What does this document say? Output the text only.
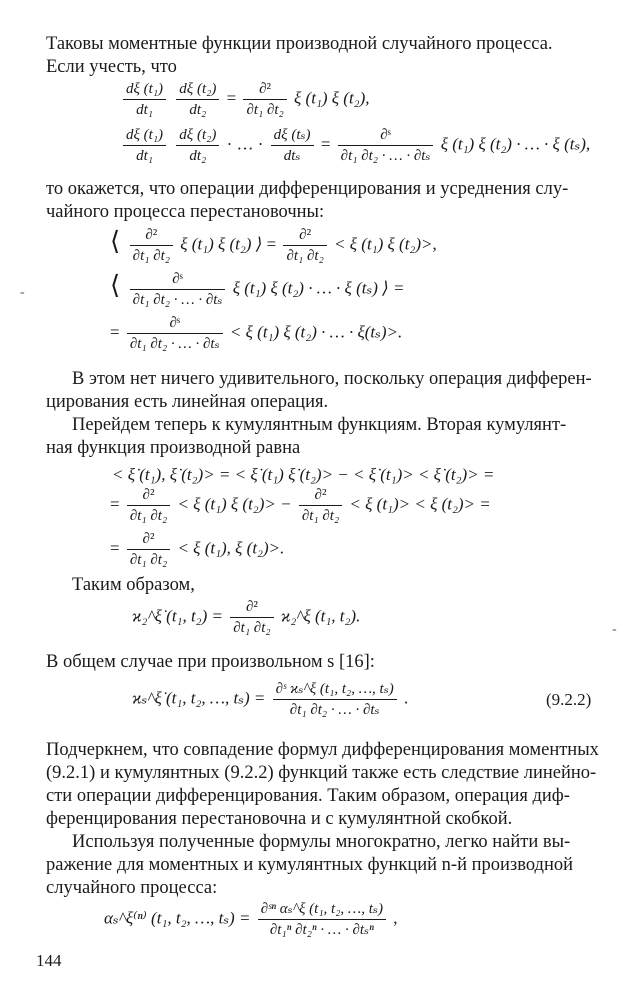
Таковы моментные функции производной случайного процесса.
Если учесть, что
$\frac{\text{dξ (t₁)}}{\text{dt₁}}$
$\frac{\text{dξ (t₂)}}{\text{dt₂}} = \frac{\text{∂²}}{\text{∂t₁ ∂t₂}}$ ξ (t₁) ξ (t₂),
$\frac{\text{dξ (t₁)}}{\text{dt₁}}$
$\frac{\text{dξ (t₂)}}{\text{dt₂}}$ · … · $\frac{\text{dξ (tₛ)}}{\text{dtₛ}} = \frac{\text{∂ˢ}}{\text{∂t₁ ∂t₂ · … · ∂tₛ}}$ ξ (t₁) ξ (t₂) · … · ξ (tₛ),
то окажется, что операции дифференцирования и усреднения слу-
чайного процесса перестановочны:
⟨ $\frac{\text{∂²}}{\text{∂t₁ ∂t₂}}$ ξ (t₁) ξ (t₂) ⟩ = $\frac{\text{∂²}}{\text{∂t₁ ∂t₂}} < \xi$ (t₁) ξ (t₂)>,
-	⟨ $\frac{\text{∂ˢ}}{\text{∂t₁ ∂t₂ · … · ∂tₛ}}$ ξ (t₁) ξ (t₂) · … · ξ (tₛ) ⟩ =
= $\frac{\text{∂ˢ}}{\text{∂t₁ ∂t₂ · … · ∂tₛ}} < \xi$ (t₁) ξ (t₂) · … · ξ(tₛ)>.
В этом нет ничего удивительного, поскольку операция дифферен-
цирования есть линейная операция.
Перейдем теперь к кумулянтным функциям. Вторая кумулянт-
ная функция производной равна
< ξ̇ (t₁), ξ̇ (t₂)> = < ξ̇ (t₁) ξ̇ (t₂)> − < ξ̇ (t₁)> < ξ̇ (t₂)> =
= $\frac{\text{∂²}}{\text{∂t₁ ∂t₂}} < \xi$ (t₁) ξ $(t_2)> - \frac{\text{∂²}}{\text{∂t₁ ∂t₂}} < \xi$ (t₁)> < ξ (t₂)> =
= $\frac{\text{∂²}}{\text{∂t₁ ∂t₂}} < \xi$ (t₁), ξ (t₂)>.
Таким образом,
ϰ₂^ξ̇ (t₁, $t_2) = \frac{\text{∂²}}{\text{∂t₁ ∂t₂}}$ ϰ₂^ξ (t₁, t₂).
-
В общем случае при произвольном s [16]:
ϰₛ^ξ̇ (t₁, t₂, …, $t_s) = \frac{\text{∂ˢ ϰₛ\textasciicircum{}ξ (t₁, t₂, …, tₛ)}}{\text{∂t₁ ∂t₂ · … · ∂tₛ}}$ .	(9.2.2)
Подчеркнем, что совпадение формул дифференцирования моментных
(9.2.1) и кумулянтных (9.2.2) функций также есть следствие линейно-
сти операции дифференцирования. Таким образом, операция диф-
ференцирования перестановочна и с кумулянтной скобкой.
Используя полученные формулы многократно, легко найти вы-
ражение для моментных и кумулянтных функций n-й производной
случайного процесса:
αₛ^ξ⁽ⁿ⁾ (t₁, t₂, …, $t_s) = \frac{\text{∂ˢⁿ αₛ\textasciicircum{}ξ (t₁, t₂, …, tₛ)}}{\text{∂t₁ⁿ ∂t₂ⁿ · … · ∂tₛⁿ}}$ ,
144
